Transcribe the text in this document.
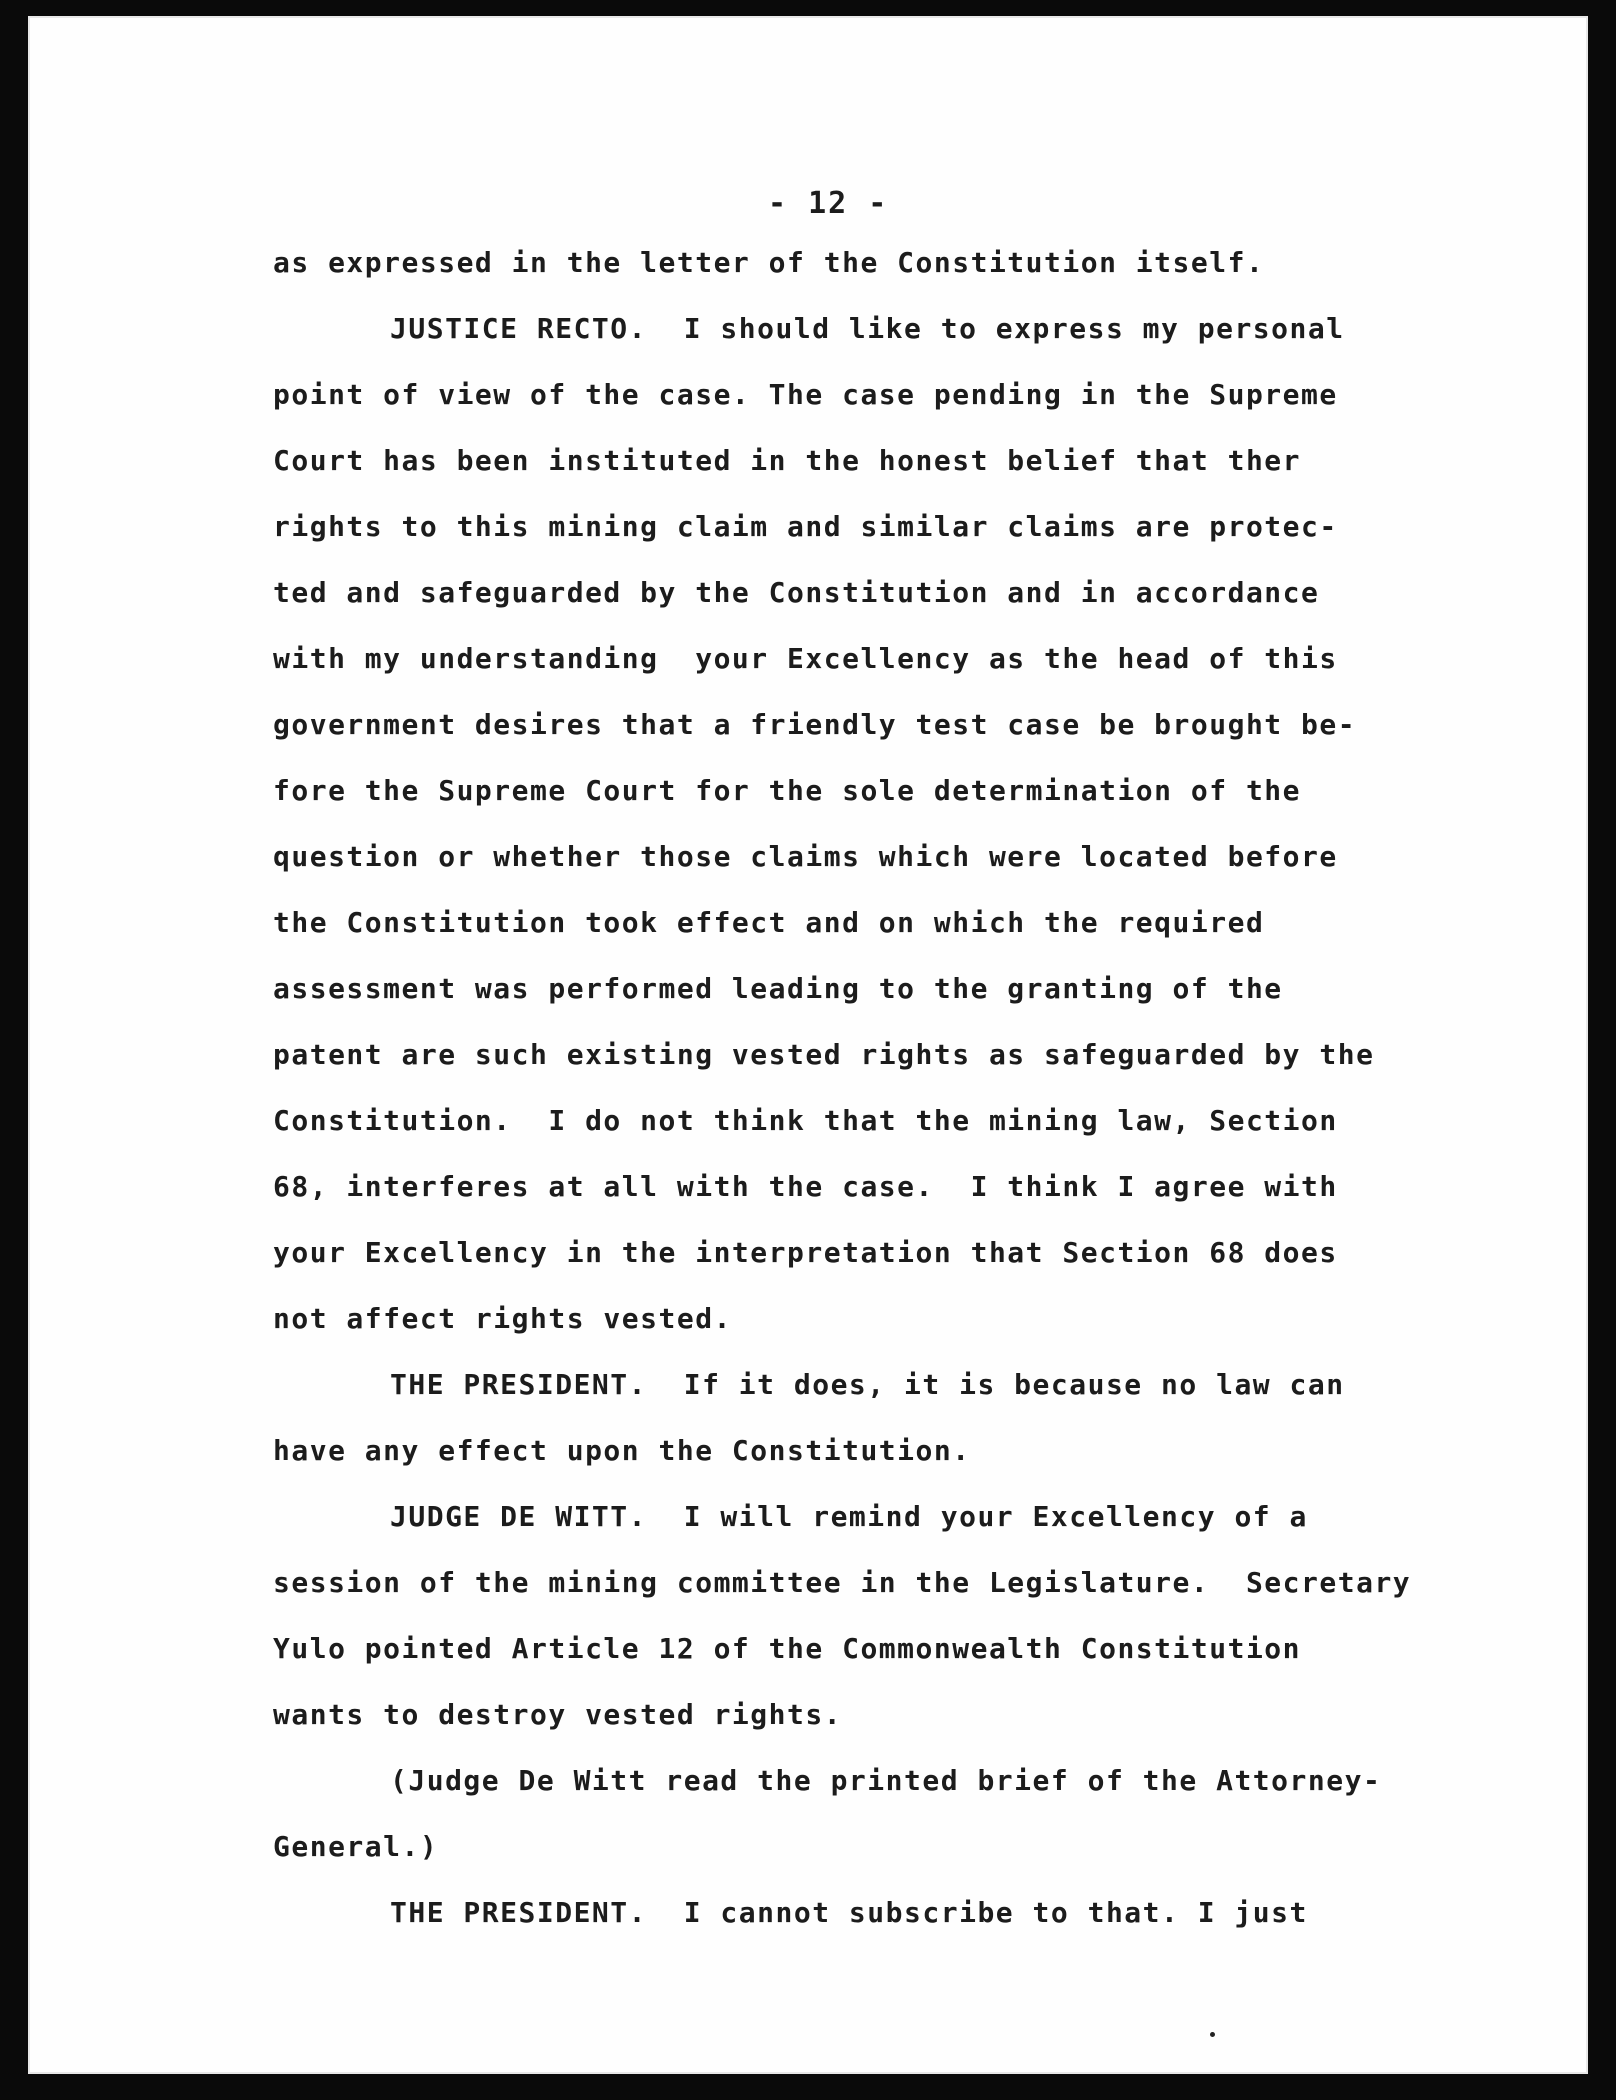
- 12 -
as expressed in the letter of the Constitution itself.
JUSTICE RECTO.  I should like to express my personal
point of view of the case. The case pending in the Supreme
Court has been instituted in the honest belief that ther
rights to this mining claim and similar claims are protec-
ted and safeguarded by the Constitution and in accordance
with my understanding  your Excellency as the head of this
government desires that a friendly test case be brought be-
fore the Supreme Court for the sole determination of the
question or whether those claims which were located before
the Constitution took effect and on which the required
assessment was performed leading to the granting of the
patent are such existing vested rights as safeguarded by the
Constitution.  I do not think that the mining law, Section
68, interferes at all with the case.  I think I agree with
your Excellency in the interpretation that Section 68 does
not affect rights vested.
THE PRESIDENT.  If it does, it is because no law can
have any effect upon the Constitution.
JUDGE DE WITT.  I will remind your Excellency of a
session of the mining committee in the Legislature.  Secretary
Yulo pointed Article 12 of the Commonwealth Constitution
wants to destroy vested rights.
(Judge De Witt read the printed brief of the Attorney-
General.)
THE PRESIDENT.  I cannot subscribe to that. I just
